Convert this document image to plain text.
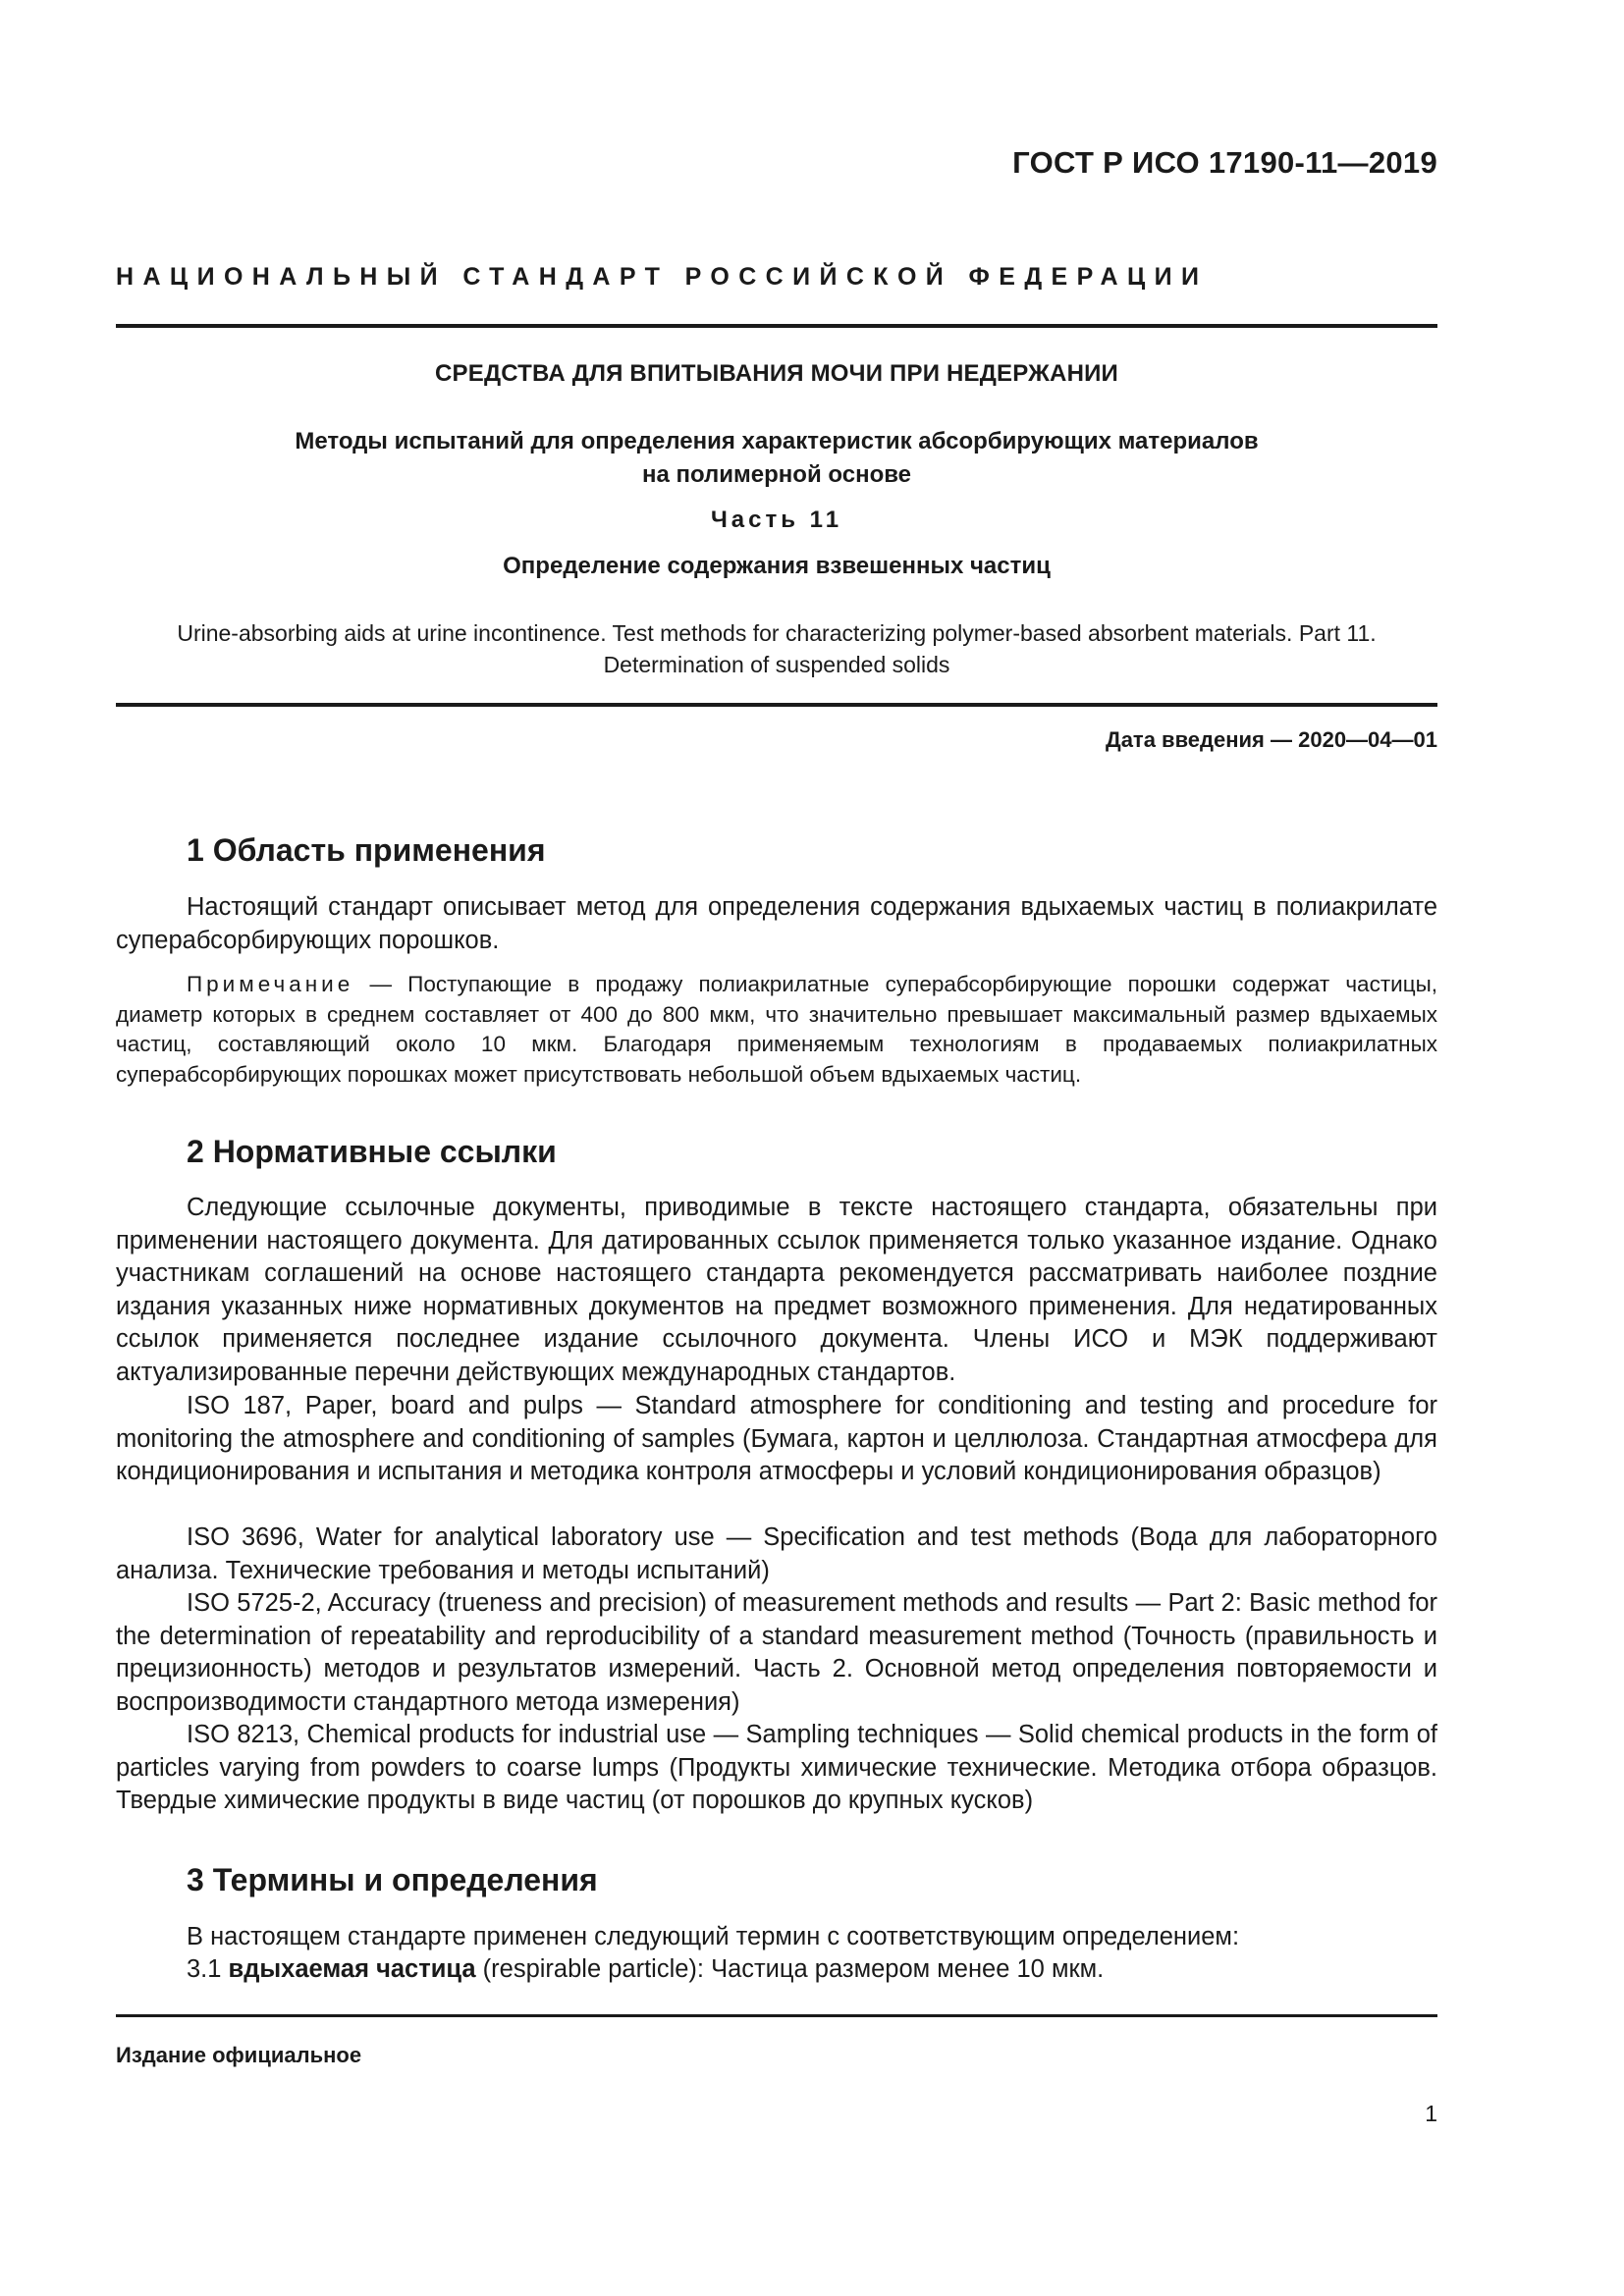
ГОСТ Р ИСО 17190-11—2019
НАЦИОНАЛЬНЫЙ СТАНДАРТ РОССИЙСКОЙ ФЕДЕРАЦИИ
СРЕДСТВА ДЛЯ ВПИТЫВАНИЯ МОЧИ ПРИ НЕДЕРЖАНИИ
Методы испытаний для определения характеристик абсорбирующих материалов
на полимерной основе
Часть 11
Определение содержания взвешенных частиц
Urine-absorbing aids at urine incontinence. Test methods for characterizing polymer-based absorbent materials. Part 11.
Determination of suspended solids
Дата введения — 2020—04—01
1 Область применения
Настоящий стандарт описывает метод для определения содержания вдыхаемых частиц в полиакрилате суперабсорбирующих порошков.
Примечание — Поступающие в продажу полиакрилатные суперабсорбирующие порошки содержат частицы, диаметр которых в среднем составляет от 400 до 800 мкм, что значительно превышает максимальный размер вдыхаемых частиц, составляющий около 10 мкм. Благодаря применяемым технологиям в продаваемых полиакрилатных суперабсорбирующих порошках может присутствовать небольшой объем вдыхаемых частиц.
2 Нормативные ссылки
Следующие ссылочные документы, приводимые в тексте настоящего стандарта, обязательны при применении настоящего документа. Для датированных ссылок применяется только указанное издание. Однако участникам соглашений на основе настоящего стандарта рекомендуется рассматривать наиболее поздние издания указанных ниже нормативных документов на предмет возможного применения. Для недатированных ссылок применяется последнее издание ссылочного документа. Члены ИСО и МЭК поддерживают актуализированные перечни действующих международных стандартов.
ISO 187, Paper, board and pulps — Standard atmosphere for conditioning and testing and procedure for monitoring the atmosphere and conditioning of samples (Бумага, картон и целлюлоза. Стандартная атмосфера для кондиционирования и испытания и методика контроля атмосферы и условий кондиционирования образцов)
ISO 3696, Water for analytical laboratory use — Specification and test methods (Вода для лабораторного анализа. Технические требования и методы испытаний)
ISO 5725-2, Accuracy (trueness and precision) of measurement methods and results — Part 2: Basic method for the determination of repeatability and reproducibility of a standard measurement method (Точность (правильность и прецизионность) методов и результатов измерений. Часть 2. Основной метод определения повторяемости и воспроизводимости стандартного метода измерения)
ISO 8213, Chemical products for industrial use — Sampling techniques — Solid chemical products in the form of particles varying from powders to coarse lumps (Продукты химические технические. Методика отбора образцов. Твердые химические продукты в виде частиц (от порошков до крупных кусков)
3 Термины и определения
В настоящем стандарте применен следующий термин с соответствующим определением:
3.1 вдыхаемая частица (respirable particle): Частица размером менее 10 мкм.
Издание официальное
1
